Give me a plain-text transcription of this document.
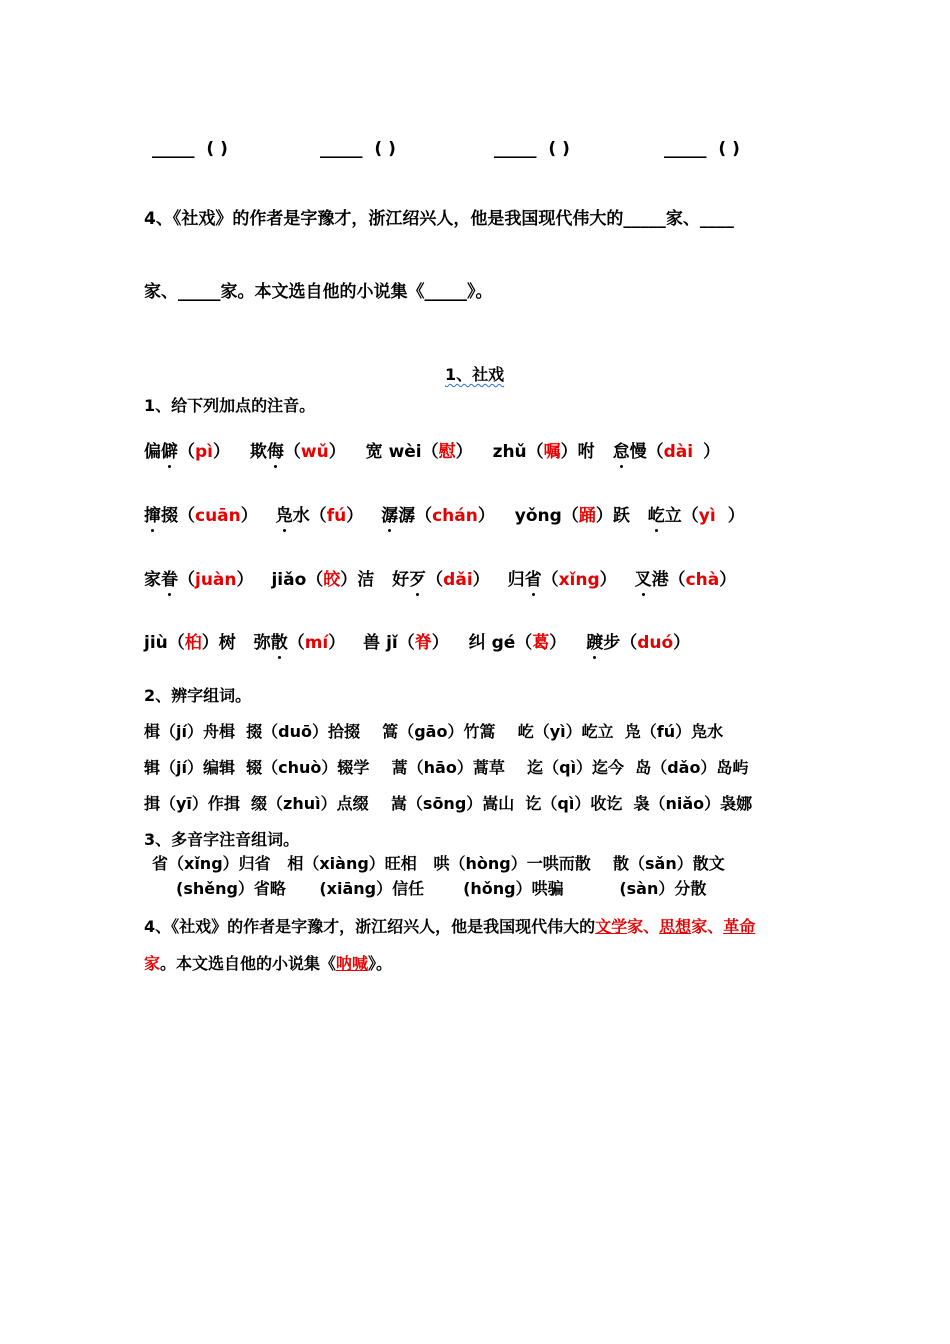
_____ ( )	_____ ( )	_____ ( )	_____ ( )
4、《社戏》的作者是字豫才，浙江绍兴人，他是我国现代伟大的_____家、____
家、_____家。本文选自他的小说集《_____》。
1、社戏
1、给下列加点的注音。
偏僻（pì） 欺侮（wǔ） 宽 wèi（慰） zhǔ（嘱）咐 怠慢（dài ）
撺掇（cuān） 凫水（fú） 潺潺（chán） yǒng（踊）跃 屹立（yì ）
家眷（juàn） jiǎo（皎）洁 好歹（dǎi） 归省（xǐng） 叉港（chà）
jiù（桕）树 弥散（mí） 兽 jǐ（脊） 纠 gé（葛） 踱步（duó）
2、辨字组词。
楫（jí）舟楫  掇（duō）拾掇    篙（gāo）竹篙    屹（yì）屹立  凫（fú）凫水
辑（jí）编辑  辍（chuò）辍学    蒿（hāo）蒿草    迄（qì）迄今  岛（dǎo）岛屿
揖（yī）作揖  缀（zhuì）点缀    嵩（sōng）嵩山  讫（qì）收讫  袅（niǎo）袅娜
3、多音字注音组词。
省（xǐng）归省   相（xiàng）旺相   哄（hòng）一哄而散    散（sǎn）散文
(shěng）省略      (xiāng）信任       (hǒng）哄骗          (sàn）分散
4、《社戏》的作者是字豫才，浙江绍兴人，他是我国现代伟大的文学家、思想家、革命
家。本文选自他的小说集《呐喊》。
